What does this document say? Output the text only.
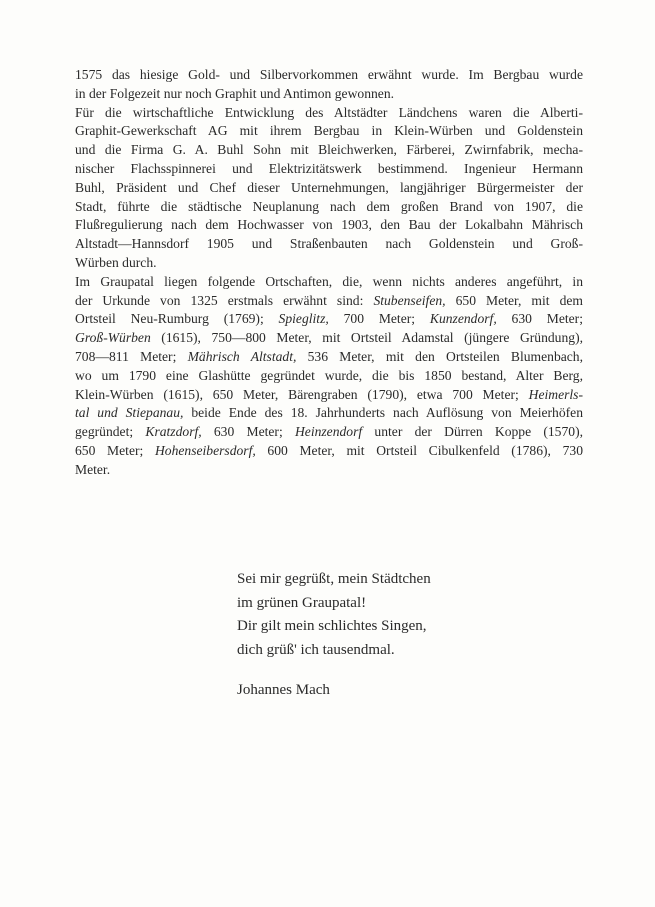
1575 das hiesige Gold- und Silbervorkommen erwähnt wurde. Im Bergbau wurde
in der Folgezeit nur noch Graphit und Antimon gewonnen.
Für die wirtschaftliche Entwicklung des Altstädter Ländchens waren die Alberti-
Graphit-Gewerkschaft AG mit ihrem Bergbau in Klein-Würben und Goldenstein
und die Firma G. A. Buhl Sohn mit Bleichwerken, Färberei, Zwirnfabrik, mecha-
nischer Flachsspinnerei und Elektrizitätswerk bestimmend. Ingenieur Hermann
Buhl, Präsident und Chef dieser Unternehmungen, langjähriger Bürgermeister der
Stadt, führte die städtische Neuplanung nach dem großen Brand von 1907, die
Flußregulierung nach dem Hochwasser von 1903, den Bau der Lokalbahn Mährisch
Altstadt—Hannsdorf 1905 und Straßenbauten nach Goldenstein und Groß-
Würben durch.
Im Graupatal liegen folgende Ortschaften, die, wenn nichts anderes angeführt, in
der Urkunde von 1325 erstmals erwähnt sind: Stubenseifen, 650 Meter, mit dem
Ortsteil Neu-Rumburg (1769); Spieglitz, 700 Meter; Kunzendorf, 630 Meter;
Groß-Würben (1615), 750—800 Meter, mit Ortsteil Adamstal (jüngere Gründung),
708—811 Meter; Mährisch Altstadt, 536 Meter, mit den Ortsteilen Blumenbach,
wo um 1790 eine Glashütte gegründet wurde, die bis 1850 bestand, Alter Berg,
Klein-Würben (1615), 650 Meter, Bärengraben (1790), etwa 700 Meter; Heimerls-
tal und Stiepanau, beide Ende des 18. Jahrhunderts nach Auflösung von Meierhöfen
gegründet; Kratzdorf, 630 Meter; Heinzendorf unter der Dürren Koppe (1570),
650 Meter; Hohenseibersdorf, 600 Meter, mit Ortsteil Cibulkenfeld (1786), 730
Meter.
Sei mir gegrüßt, mein Städtchen
im grünen Graupatal!
Dir gilt mein schlichtes Singen,
dich grüß' ich tausendmal.
Johannes Mach
